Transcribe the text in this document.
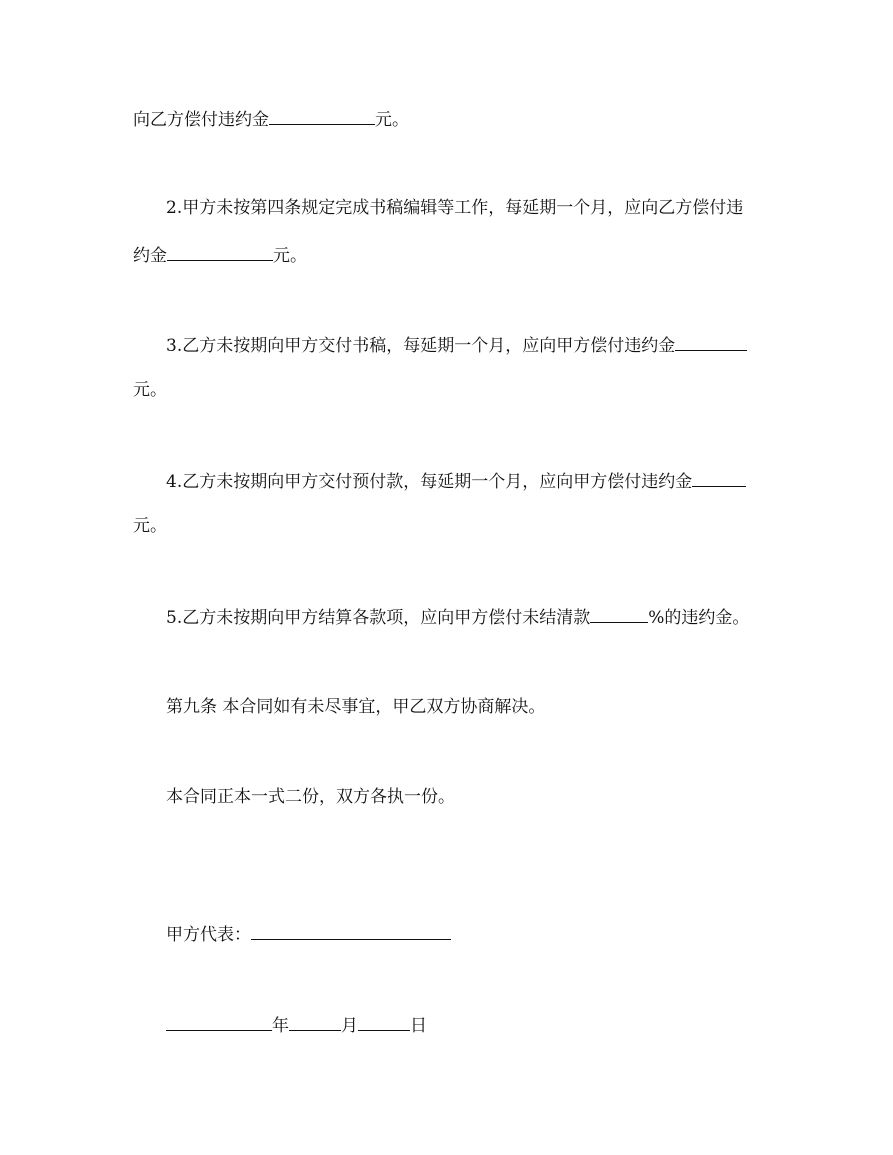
向乙方偿付违约金	元。
2.甲方未按第四条规定完成书稿编辑等工作，每延期一个月，应向乙方偿付违
约金	元。
3.乙方未按期向甲方交付书稿，每延期一个月，应向甲方偿付违约金
元。
4.乙方未按期向甲方交付预付款，每延期一个月，应向甲方偿付违约金
元。
5.乙方未按期向甲方结算各款项，应向甲方偿付未结清款	%的违约金。
第九条 本合同如有未尽事宜，甲乙双方协商解决。
本合同正本一式二份，双方各执一份。
甲方代表：
年	月	日
